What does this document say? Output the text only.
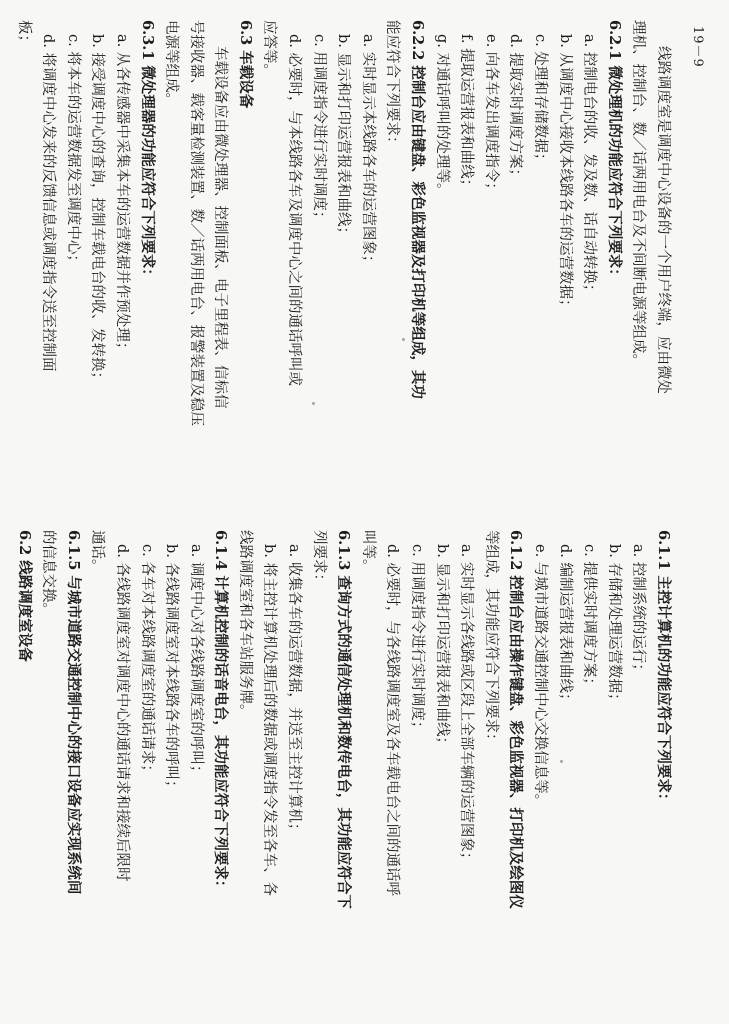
19－9
线路调度室是调度中心设备的一个用户终端，应由微处
理机、控制台、数／话两用电台及不间断电源等组成。
6.2.1 微处理机的功能应符合下列要求：
a. 控制电台的收、发及数、话自动转换；
b. 从调度中心接收本线路各车的运营数据；
c. 处理和存储数据；
d. 提取实时调度方案；
e. 向各车发出调度指令；
f. 提取运营报表和曲线；
g. 对通话呼叫的处理等。
6.2.2 控制台应由键盘、彩色监视器及打印机等组成，其功
能应符合下列要求：
a. 实时显示本线路各车的运营图象；
b. 显示和打印运营报表和曲线；
c. 用调度指令进行实时调度；
d. 必要时，与本线路各车及调度中心之间的通话呼叫或
应答等。
6.3 车载设备
车载设备应由微处理器、控制面板、电子里程表、信标信
号接收器、载客量检测装置、数／话两用电台、报警装置及稳压
电源等组成。
6.3.1 微处理器的功能应符合下列要求：
a. 从各传感器中采集本车的运营数据并作预处理；
b. 接受调度中心的查询，控制车载电台的收、发转换；
c. 将本车的运营数据发至调度中心；
d. 将调度中心发来的反馈信息或调度指令送至控制面
板；
6.1.1 主控计算机的功能应符合下列要求：
a. 控制系统的运行；
b. 存储和处理运营数据；
c. 提供实时调度方案；
d. 编制运营报表和曲线；
e. 与城市道路交通控制中心交换信息等。
6.1.2 控制台应由操作键盘、彩色监视器、打印机及绘图仪
等组成，其功能应符合下列要求：
a. 实时显示各线路或区段上全部车辆的运营图象；
b. 显示和打印运营报表和曲线；
c. 用调度指令进行实时调度；
d. 必要时，与各线路调度室及各车载电台之间的通话呼
叫等。
6.1.3 查询方式的通信处理机和数传电台，其功能应符合下
列要求：
a. 收集各车的运营数据，并送至主控计算机；
b. 将主控计算机处理后的数据或调度指令发至各车、各
线路调度室和各车站服务牌。
6.1.4 计算机控制的话音电台，其功能应符合下列要求：
a. 调度中心对各线路调度室的呼叫；
b. 各线路调度室对本线路各车的呼叫；
c. 各车对本线路调度室的通话请求；
d. 各线路调度室对调度中心的通话请求和接续后限时
通话。
6.1.5 与城市道路交通控制中心的接口设备应实现系统间
的信息交换。
6.2 线路调度室设备
